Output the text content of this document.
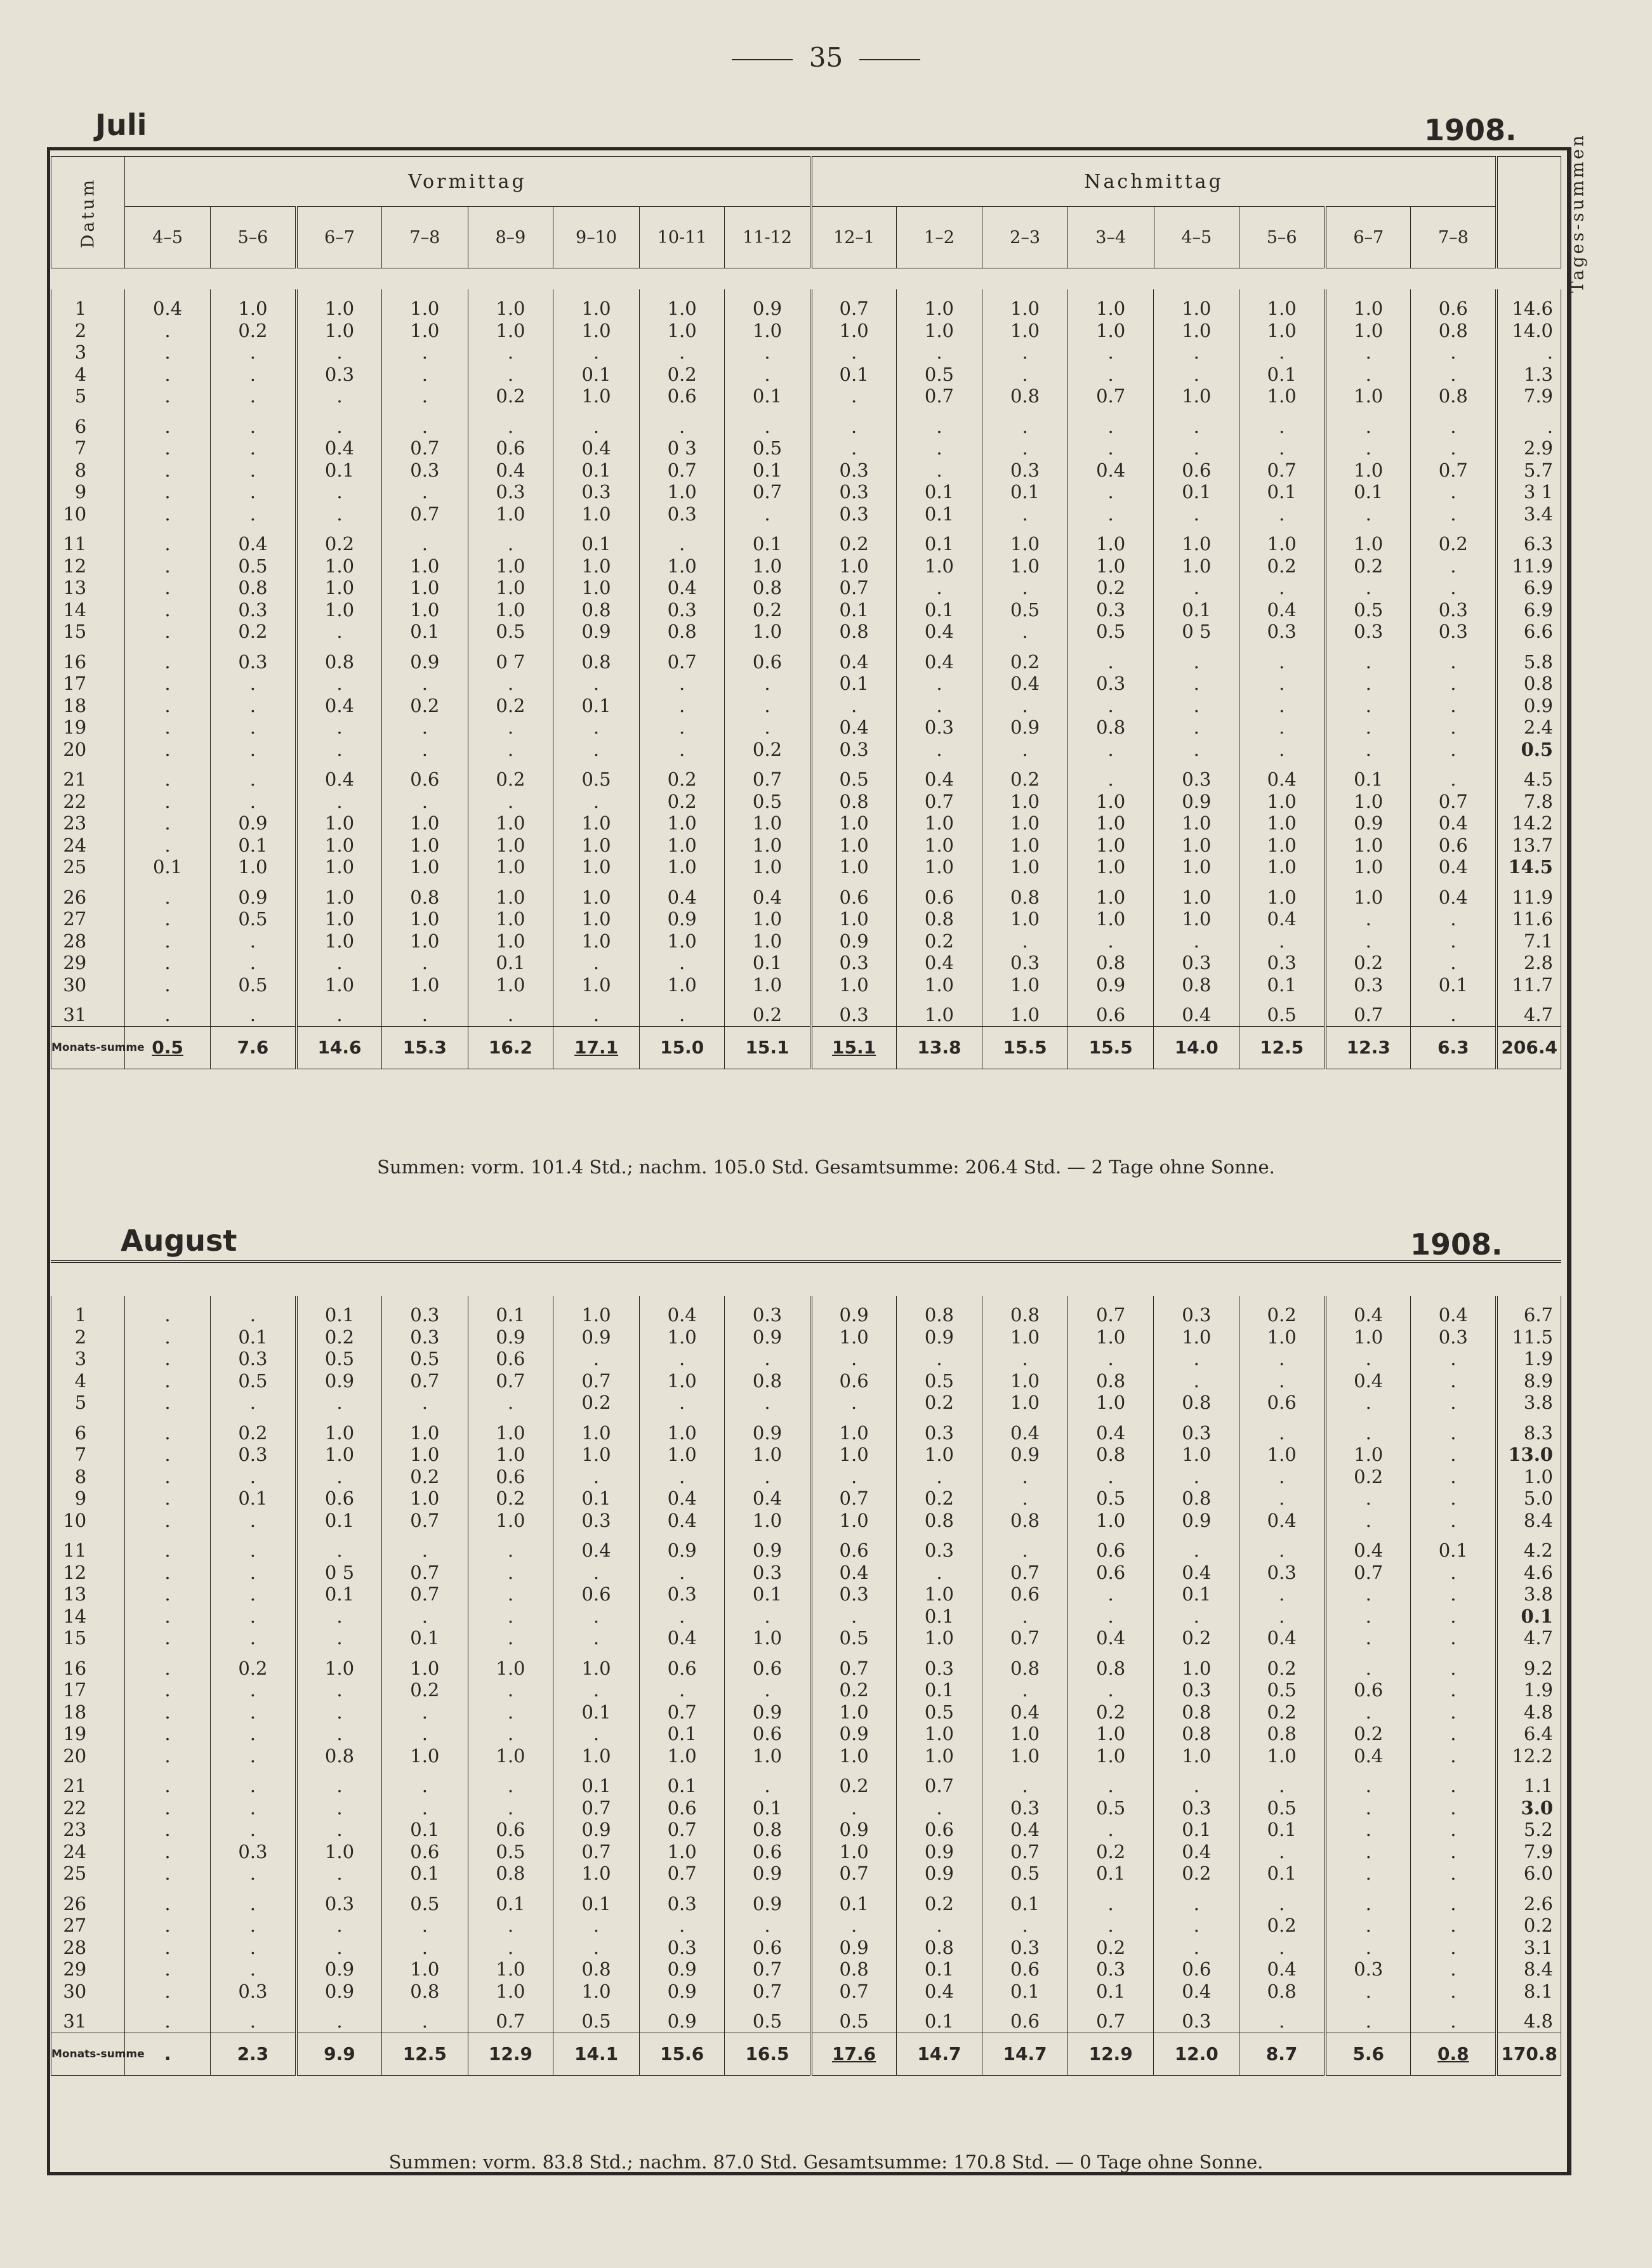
35
Juli	1908.
Datum	Vormittag								Nachmittag								Tages-summen
	4–5	5–6	6–7	7–8	8–9	9–10	10-11	11-12	12–1	1–2	2–3	3–4	4–5	5–6	6–7	7–8	
1	0.4	1.0	1.0	1.0	1.0	1.0	1.0	0.9	0.7	1.0	1.0	1.0	1.0	1.0	1.0	0.6	14.6
2	.	0.2	1.0	1.0	1.0	1.0	1.0	1.0	1.0	1.0	1.0	1.0	1.0	1.0	1.0	0.8	14.0
3	.	.	.	.	.	.	.	.	.	.	.	.	.	.	.	.	.
4	.	.	0.3	.	.	0.1	0.2	.	0.1	0.5	.	.	.	0.1	.	.	1.3
5	.	.	.	.	0.2	1.0	0.6	0.1	.	0.7	0.8	0.7	1.0	1.0	1.0	0.8	7.9
6	.	.	.	.	.	.	.	.	.	.	.	.	.	.	.	.	.
7	.	.	0.4	0.7	0.6	0.4	0 3	0.5	.	.	.	.	.	.	.	.	2.9
8	.	.	0.1	0.3	0.4	0.1	0.7	0.1	0.3	.	0.3	0.4	0.6	0.7	1.0	0.7	5.7
9	.	.	.	.	0.3	0.3	1.0	0.7	0.3	0.1	0.1	.	0.1	0.1	0.1	.	3 1
10	.	.	.	0.7	1.0	1.0	0.3	.	0.3	0.1	.	.	.	.	.	.	3.4
11	.	0.4	0.2	.	.	0.1	.	0.1	0.2	0.1	1.0	1.0	1.0	1.0	1.0	0.2	6.3
12	.	0.5	1.0	1.0	1.0	1.0	1.0	1.0	1.0	1.0	1.0	1.0	1.0	0.2	0.2	.	11.9
13	.	0.8	1.0	1.0	1.0	1.0	0.4	0.8	0.7	.	.	0.2	.	.	.	.	6.9
14	.	0.3	1.0	1.0	1.0	0.8	0.3	0.2	0.1	0.1	0.5	0.3	0.1	0.4	0.5	0.3	6.9
15	.	0.2	.	0.1	0.5	0.9	0.8	1.0	0.8	0.4	.	0.5	0 5	0.3	0.3	0.3	6.6
16	.	0.3	0.8	0.9	0 7	0.8	0.7	0.6	0.4	0.4	0.2	.	.	.	.	.	5.8
17	.	.	.	.	.	.	.	.	0.1	.	0.4	0.3	.	.	.	.	0.8
18	.	.	0.4	0.2	0.2	0.1	.	.	.	.	.	.	.	.	.	.	0.9
19	.	.	.	.	.	.	.	.	0.4	0.3	0.9	0.8	.	.	.	.	2.4
20	.	.	.	.	.	.	.	0.2	0.3	.	.	.	.	.	.	.	0.5
21	.	.	0.4	0.6	0.2	0.5	0.2	0.7	0.5	0.4	0.2	.	0.3	0.4	0.1	.	4.5
22	.	.	.	.	.	.	0.2	0.5	0.8	0.7	1.0	1.0	0.9	1.0	1.0	0.7	7.8
23	.	0.9	1.0	1.0	1.0	1.0	1.0	1.0	1.0	1.0	1.0	1.0	1.0	1.0	0.9	0.4	14.2
24	.	0.1	1.0	1.0	1.0	1.0	1.0	1.0	1.0	1.0	1.0	1.0	1.0	1.0	1.0	0.6	13.7
25	0.1	1.0	1.0	1.0	1.0	1.0	1.0	1.0	1.0	1.0	1.0	1.0	1.0	1.0	1.0	0.4	14.5
26	.	0.9	1.0	0.8	1.0	1.0	0.4	0.4	0.6	0.6	0.8	1.0	1.0	1.0	1.0	0.4	11.9
27	.	0.5	1.0	1.0	1.0	1.0	0.9	1.0	1.0	0.8	1.0	1.0	1.0	0.4	.	.	11.6
28	.	.	1.0	1.0	1.0	1.0	1.0	1.0	0.9	0.2	.	.	.	.	.	.	7.1
29	.	.	.	.	0.1	.	.	0.1	0.3	0.4	0.3	0.8	0.3	0.3	0.2	.	2.8
30	.	0.5	1.0	1.0	1.0	1.0	1.0	1.0	1.0	1.0	1.0	0.9	0.8	0.1	0.3	0.1	11.7
31	.	.	.	.	.	.	.	0.2	0.3	1.0	1.0	0.6	0.4	0.5	0.7	.	4.7
Monats-summe	0.5	7.6	14.6	15.3	16.2	17.1	15.0	15.1	15.1	13.8	15.5	15.5	14.0	12.5	12.3	6.3	206.4
Summen: vorm. 101.4 Std.; nachm. 105.0 Std. Gesamtsumme: 206.4 Std. — 2 Tage ohne Sonne.
August	1908.
1	.	.	0.1	0.3	0.1	1.0	0.4	0.3	0.9	0.8	0.8	0.7	0.3	0.2	0.4	0.4	6.7
2	.	0.1	0.2	0.3	0.9	0.9	1.0	0.9	1.0	0.9	1.0	1.0	1.0	1.0	1.0	0.3	11.5
3	.	0.3	0.5	0.5	0.6	.	.	.	.	.	.	.	.	.	.	.	1.9
4	.	0.5	0.9	0.7	0.7	0.7	1.0	0.8	0.6	0.5	1.0	0.8	.	.	0.4	.	8.9
5	.	.	.	.	.	0.2	.	.	.	0.2	1.0	1.0	0.8	0.6	.	.	3.8
6	.	0.2	1.0	1.0	1.0	1.0	1.0	0.9	1.0	0.3	0.4	0.4	0.3	.	.	.	8.3
7	.	0.3	1.0	1.0	1.0	1.0	1.0	1.0	1.0	1.0	0.9	0.8	1.0	1.0	1.0	.	13.0
8	.	.	.	0.2	0.6	.	.	.	.	.	.	.	.	.	0.2	.	1.0
9	.	0.1	0.6	1.0	0.2	0.1	0.4	0.4	0.7	0.2	.	0.5	0.8	.	.	.	5.0
10	.	.	0.1	0.7	1.0	0.3	0.4	1.0	1.0	0.8	0.8	1.0	0.9	0.4	.	.	8.4
11	.	.	.	.	.	0.4	0.9	0.9	0.6	0.3	.	0.6	.	.	0.4	0.1	4.2
12	.	.	0 5	0.7	.	.	.	0.3	0.4	.	0.7	0.6	0.4	0.3	0.7	.	4.6
13	.	.	0.1	0.7	.	0.6	0.3	0.1	0.3	1.0	0.6	.	0.1	.	.	.	3.8
14	.	.	.	.	.	.	.	.	.	0.1	.	.	.	.	.	.	0.1
15	.	.	.	0.1	.	.	0.4	1.0	0.5	1.0	0.7	0.4	0.2	0.4	.	.	4.7
16	.	0.2	1.0	1.0	1.0	1.0	0.6	0.6	0.7	0.3	0.8	0.8	1.0	0.2	.	.	9.2
17	.	.	.	0.2	.	.	.	.	0.2	0.1	.	.	0.3	0.5	0.6	.	1.9
18	.	.	.	.	.	0.1	0.7	0.9	1.0	0.5	0.4	0.2	0.8	0.2	.	.	4.8
19	.	.	.	.	.	.	0.1	0.6	0.9	1.0	1.0	1.0	0.8	0.8	0.2	.	6.4
20	.	.	0.8	1.0	1.0	1.0	1.0	1.0	1.0	1.0	1.0	1.0	1.0	1.0	0.4	.	12.2
21	.	.	.	.	.	0.1	0.1	.	0.2	0.7	.	.	.	.	.	.	1.1
22	.	.	.	.	.	0.7	0.6	0.1	.	.	0.3	0.5	0.3	0.5	.	.	3.0
23	.	.	.	0.1	0.6	0.9	0.7	0.8	0.9	0.6	0.4	.	0.1	0.1	.	.	5.2
24	.	0.3	1.0	0.6	0.5	0.7	1.0	0.6	1.0	0.9	0.7	0.2	0.4	.	.	.	7.9
25	.	.	.	0.1	0.8	1.0	0.7	0.9	0.7	0.9	0.5	0.1	0.2	0.1	.	.	6.0
26	.	.	0.3	0.5	0.1	0.1	0.3	0.9	0.1	0.2	0.1	.	.	.	.	.	2.6
27	.	.	.	.	.	.	.	.	.	.	.	.	.	0.2	.	.	0.2
28	.	.	.	.	.	.	0.3	0.6	0.9	0.8	0.3	0.2	.	.	.	.	3.1
29	.	.	0.9	1.0	1.0	0.8	0.9	0.7	0.8	0.1	0.6	0.3	0.6	0.4	0.3	.	8.4
30	.	0.3	0.9	0.8	1.0	1.0	0.9	0.7	0.7	0.4	0.1	0.1	0.4	0.8	.	.	8.1
31	.	.	.	.	0.7	0.5	0.9	0.5	0.5	0.1	0.6	0.7	0.3	.	.	.	4.8
Monats-summe	.	2.3	9.9	12.5	12.9	14.1	15.6	16.5	17.6	14.7	14.7	12.9	12.0	8.7	5.6	0.8	170.8
Summen: vorm. 83.8 Std.; nachm. 87.0 Std. Gesamtsumme: 170.8 Std. — 0 Tage ohne Sonne.
